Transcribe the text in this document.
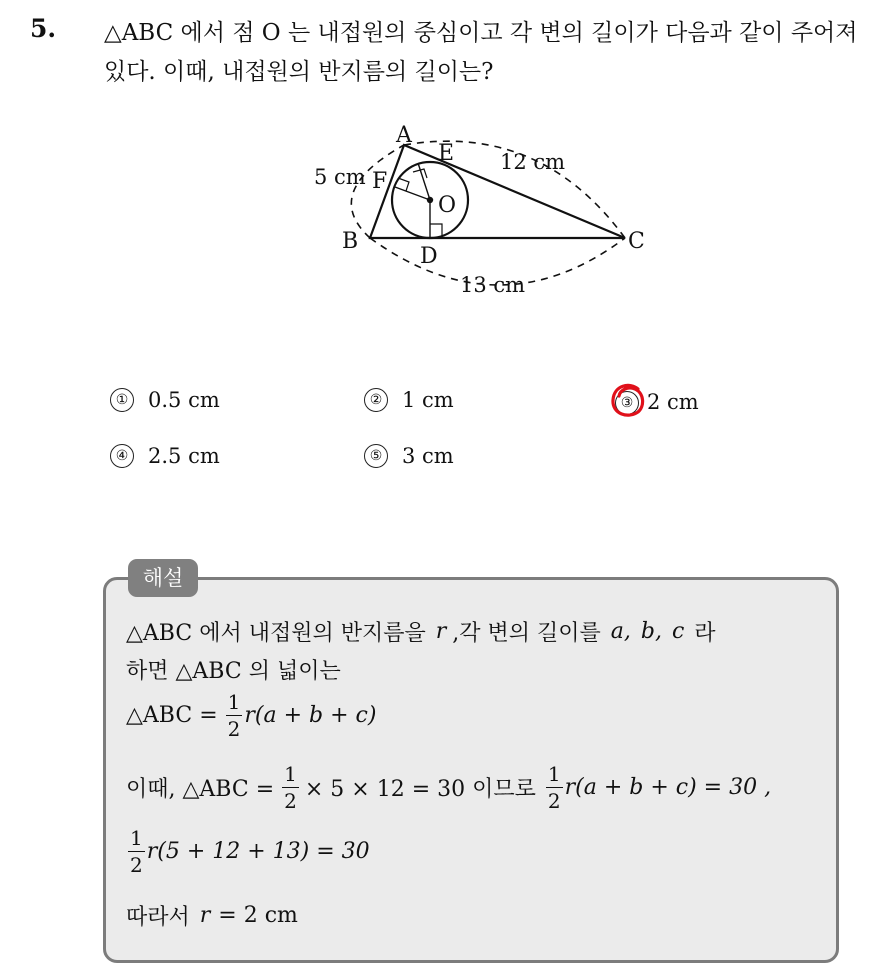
5. △ABC 에서 점 O 는 내접원의 중심이고 각 변의 길이가 다음과 같이 주어져있다. 이때, 내접원의 반지름의 길이는?
A
E
F
O
B
D
C
5 cm
12 cm
13 cm
① 0.5 cm	② 1 cm	③ 2 cm
④ 2.5 cm	⑤ 3 cm
해설
△ABC 에서 내접원의 반지름을 r ,각 변의 길이를 a, b, c 라
하면 △ABC 의 넓이는
△ABC = $\frac{1}{2} r(a + b + c)$
이때, △ABC = $\frac{1}{2} \times 5 \times 12 = 30$ 이므로 $\frac{1}{2} r(a + b + c) = 30$ ,
$\frac{1}{2} r(5 + 12 + 13) = 30$
따라서 r = 2 cm
